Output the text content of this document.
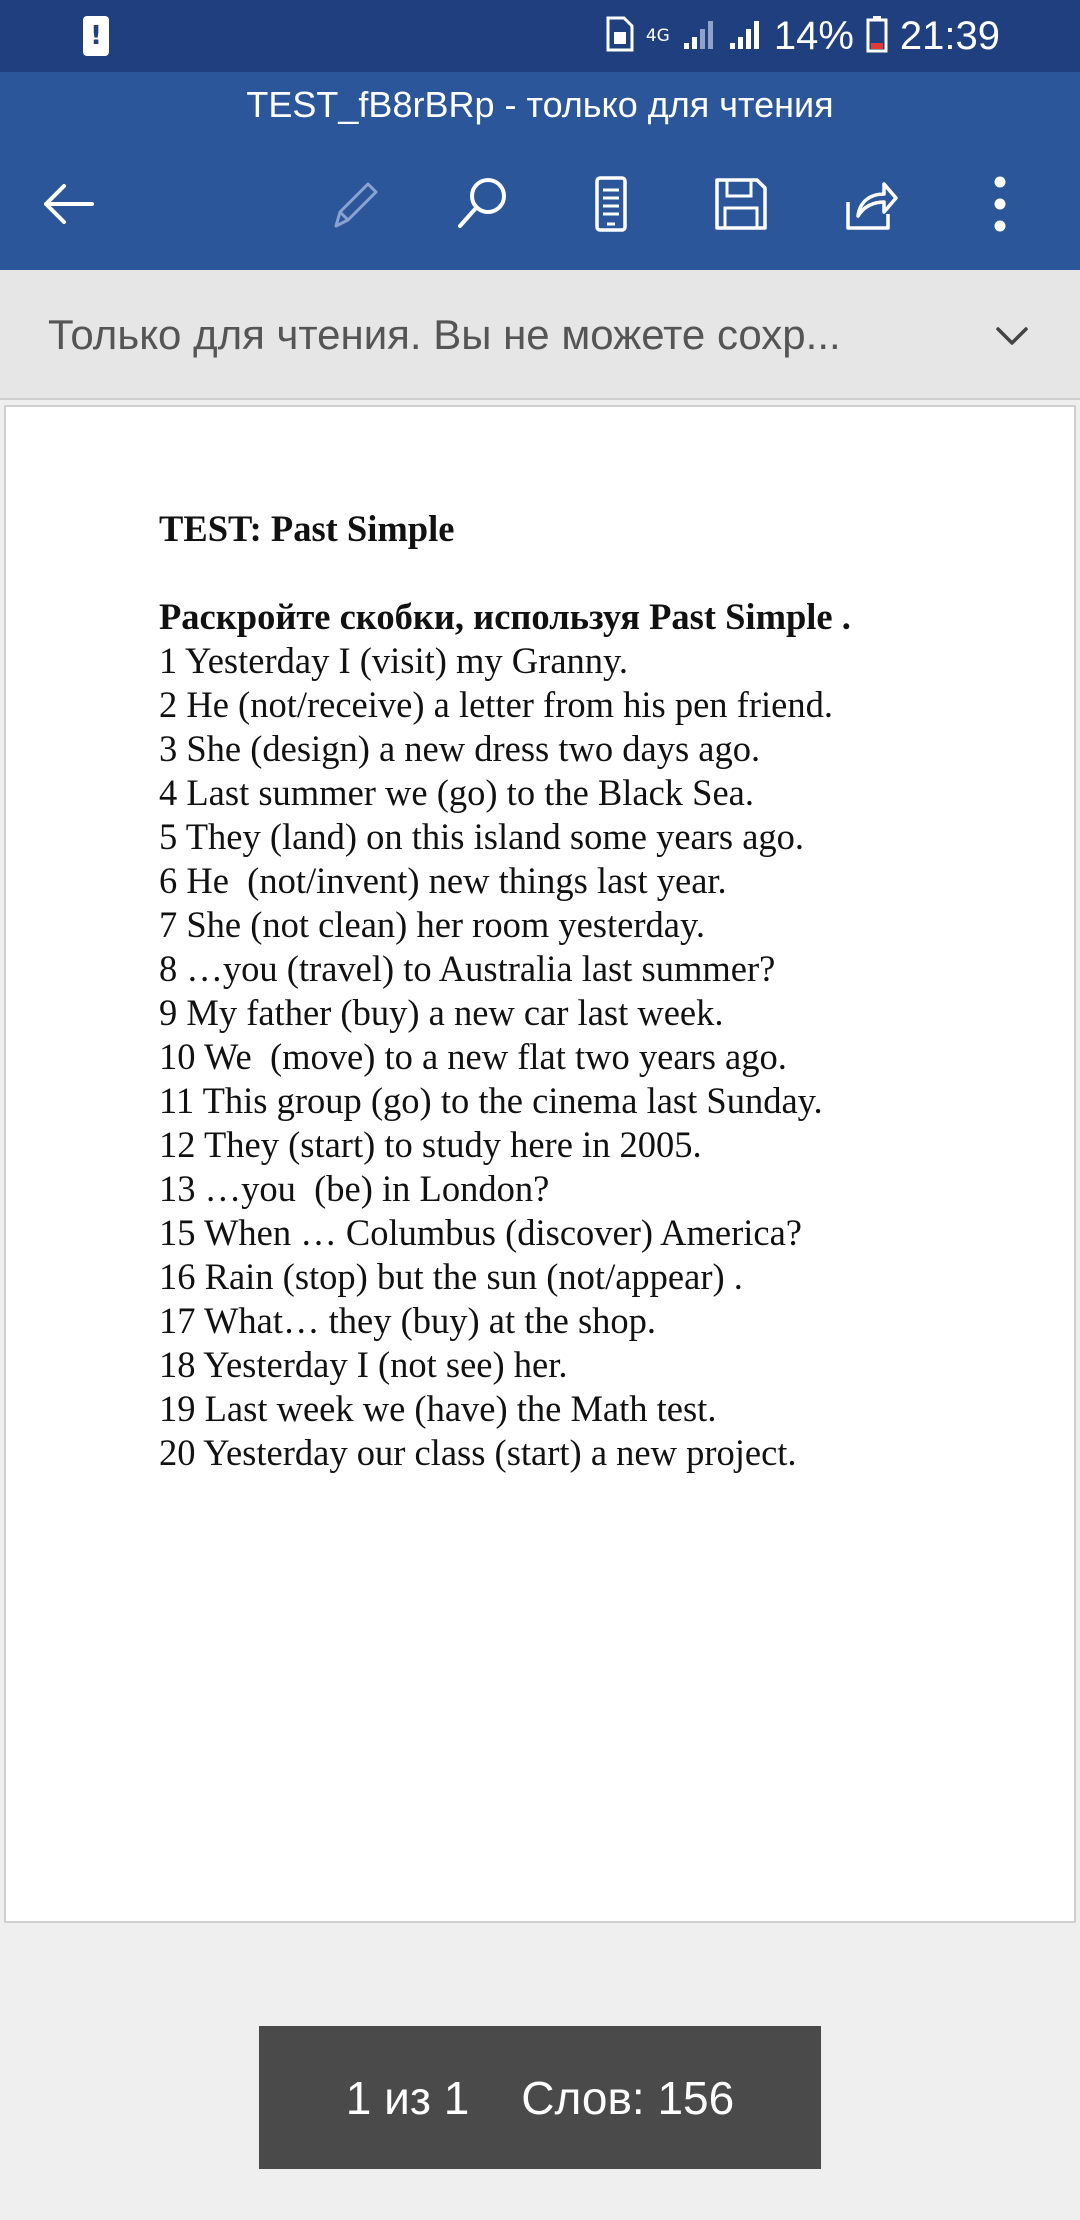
!	4G	14% 21:39
TEST_fB8rBRp - только для чтения
Только для чтения. Вы не можете сохр...
TEST: Past Simple
Раскройте скобки, используя Past Simple .
1 Yesterday I (visit) my Granny.
2 He (not/receive) a letter from his pen friend.
3 She (design) a new dress two days ago.
4 Last summer we (go) to the Black Sea.
5 They (land) on this island some years ago.
6 He  (not/invent) new things last year.
7 She (not clean) her room yesterday.
8 …you (travel) to Australia last summer?
9 My father (buy) a new car last week.
10 We  (move) to a new flat two years ago.
11 This group (go) to the cinema last Sunday.
12 They (start) to study here in 2005.
13 …you  (be) in London?
15 When … Columbus (discover) America?
16 Rain (stop) but the sun (not/appear) .
17 What… they (buy) at the shop.
18 Yesterday I (not see) her.
19 Last week we (have) the Math test.
20 Yesterday our class (start) a new project.
1 из 1 Слов: 156
